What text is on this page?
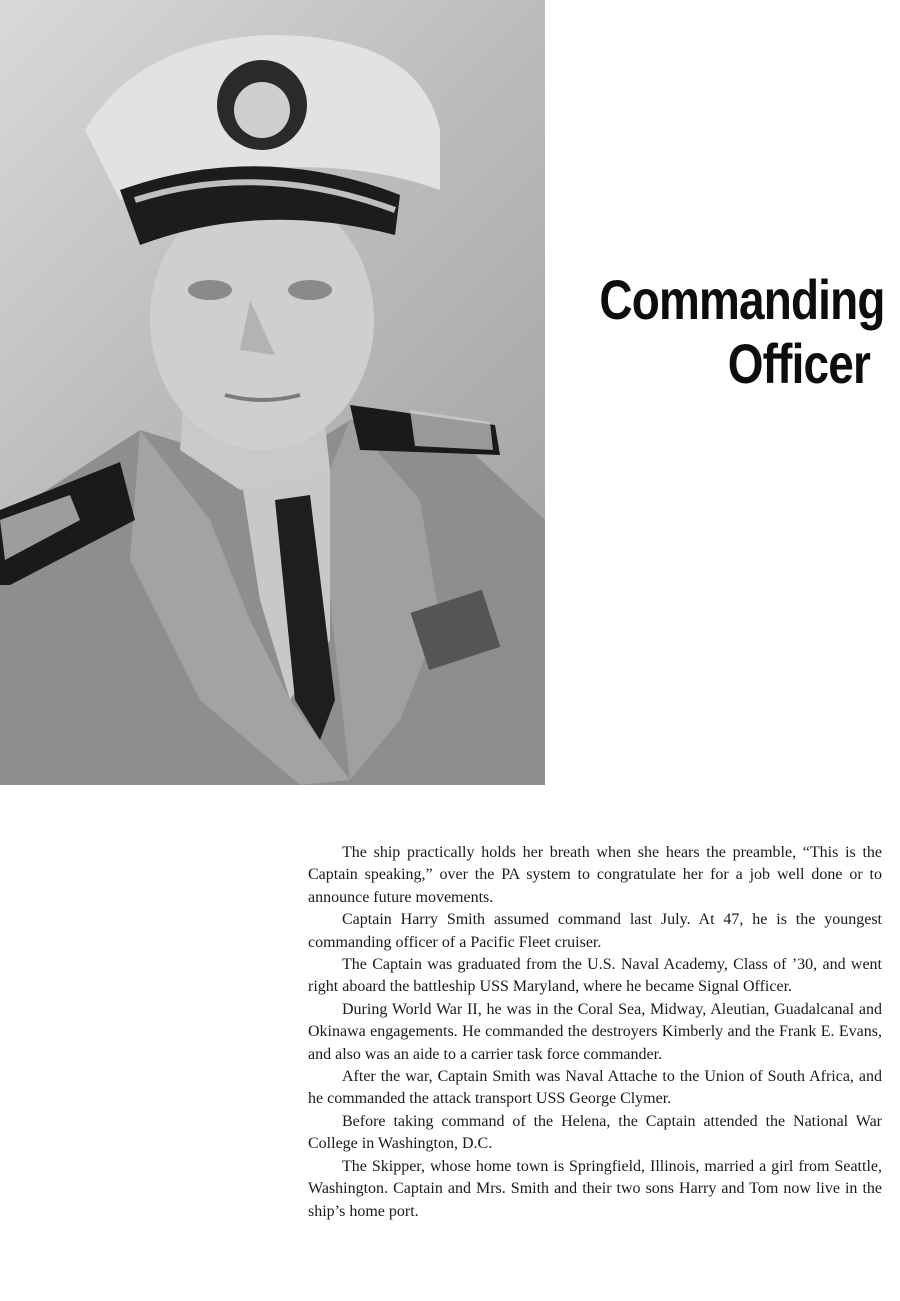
Commanding
Officer

The ship practically holds her breath when she hears the preamble, “This is the Captain speaking,” over the PA system to congratulate her for a job well done or to announce future movements.

Captain Harry Smith assumed command last July. At 47, he is the youngest commanding officer of a Pacific Fleet cruiser.

The Captain was graduated from the U.S. Naval Academy, Class of ’30, and went right aboard the battleship USS Maryland, where he became Signal Officer.

During World War II, he was in the Coral Sea, Midway, Aleutian, Guadalcanal and Okinawa engagements. He commanded the destroyers Kimberly and the Frank E. Evans, and also was an aide to a carrier task force commander.

After the war, Captain Smith was Naval Attache to the Union of South Africa, and he commanded the attack transport USS George Clymer.

Before taking command of the Helena, the Captain attended the National War College in Washington, D.C.

The Skipper, whose home town is Springfield, Illinois, married a girl from Seattle, Washington. Captain and Mrs. Smith and their two sons Harry and Tom now live in the ship’s home port.
